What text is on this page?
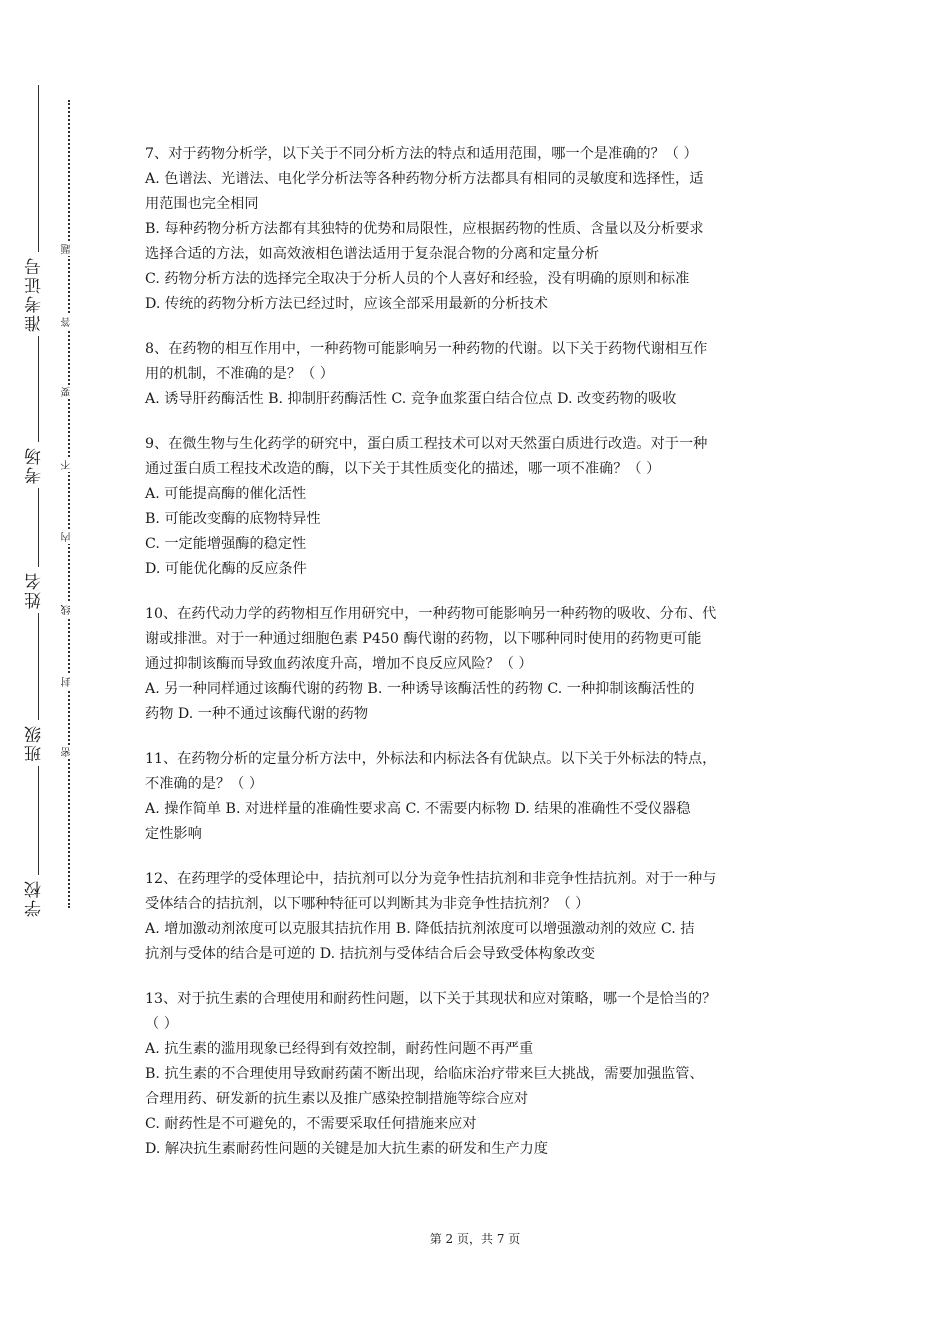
准考证号
考场
姓名
班级
学校
题
答
要
不
内
线
封
密
7、对于药物分析学，以下关于不同分析方法的特点和适用范围，哪一个是准确的？（ ）
A. 色谱法、光谱法、电化学分析法等各种药物分析方法都具有相同的灵敏度和选择性，适
用范围也完全相同
B. 每种药物分析方法都有其独特的优势和局限性，应根据药物的性质、含量以及分析要求
选择合适的方法，如高效液相色谱法适用于复杂混合物的分离和定量分析
C. 药物分析方法的选择完全取决于分析人员的个人喜好和经验，没有明确的原则和标准
D. 传统的药物分析方法已经过时，应该全部采用最新的分析技术
8、在药物的相互作用中，一种药物可能影响另一种药物的代谢。以下关于药物代谢相互作
用的机制，不准确的是？（ ）
A. 诱导肝药酶活性 B. 抑制肝药酶活性 C. 竞争血浆蛋白结合位点 D. 改变药物的吸收
9、在微生物与生化药学的研究中，蛋白质工程技术可以对天然蛋白质进行改造。对于一种
通过蛋白质工程技术改造的酶，以下关于其性质变化的描述，哪一项不准确？（ ）
A. 可能提高酶的催化活性
B. 可能改变酶的底物特异性
C. 一定能增强酶的稳定性
D. 可能优化酶的反应条件
10、在药代动力学的药物相互作用研究中，一种药物可能影响另一种药物的吸收、分布、代
谢或排泄。对于一种通过细胞色素 P450 酶代谢的药物，以下哪种同时使用的药物更可能
通过抑制该酶而导致血药浓度升高，增加不良反应风险？（ ）
A. 另一种同样通过该酶代谢的药物 B. 一种诱导该酶活性的药物 C. 一种抑制该酶活性的
药物 D. 一种不通过该酶代谢的药物
11、在药物分析的定量分析方法中，外标法和内标法各有优缺点。以下关于外标法的特点，
不准确的是？（ ）
A. 操作简单 B. 对进样量的准确性要求高 C. 不需要内标物 D. 结果的准确性不受仪器稳
定性影响
12、在药理学的受体理论中，拮抗剂可以分为竞争性拮抗剂和非竞争性拮抗剂。对于一种与
受体结合的拮抗剂，以下哪种特征可以判断其为非竞争性拮抗剂？（ ）
A. 增加激动剂浓度可以克服其拮抗作用 B. 降低拮抗剂浓度可以增强激动剂的效应 C. 拮
抗剂与受体的结合是可逆的 D. 拮抗剂与受体结合后会导致受体构象改变
13、对于抗生素的合理使用和耐药性问题，以下关于其现状和应对策略，哪一个是恰当的？
（ ）
A. 抗生素的滥用现象已经得到有效控制，耐药性问题不再严重
B. 抗生素的不合理使用导致耐药菌不断出现，给临床治疗带来巨大挑战，需要加强监管、
合理用药、研发新的抗生素以及推广感染控制措施等综合应对
C. 耐药性是不可避免的，不需要采取任何措施来应对
D. 解决抗生素耐药性问题的关键是加大抗生素的研发和生产力度
第 2 页，共 7 页
